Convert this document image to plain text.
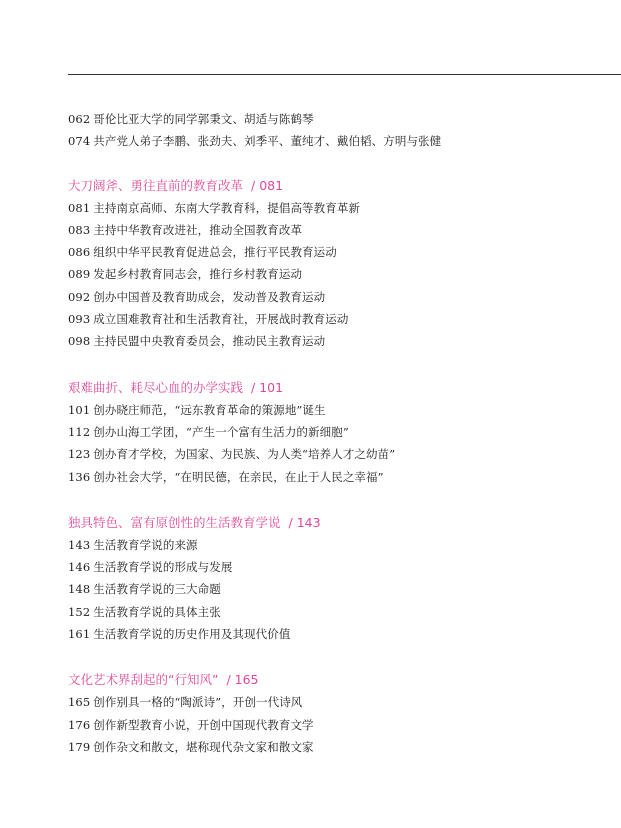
062 哥伦比亚大学的同学郭秉文、胡适与陈鹤琴
074 共产党人弟子李鹏、张劲夫、刘季平、董纯才、戴伯韬、方明与张健
大刀阔斧、勇往直前的教育改革 / 081
081 主持南京高师、东南大学教育科，提倡高等教育革新
083 主持中华教育改进社，推动全国教育改革
086 组织中华平民教育促进总会，推行平民教育运动
089 发起乡村教育同志会，推行乡村教育运动
092 创办中国普及教育助成会，发动普及教育运动
093 成立国难教育社和生活教育社，开展战时教育运动
098 主持民盟中央教育委员会，推动民主教育运动
艰难曲折、耗尽心血的办学实践 / 101
101 创办晓庄师范，“远东教育革命的策源地”诞生
112 创办山海工学团，“产生一个富有生活力的新细胞”
123 创办育才学校，为国家、为民族、为人类“培养人才之幼苗”
136 创办社会大学，“在明民德，在亲民，在止于人民之幸福”
独具特色、富有原创性的生活教育学说 / 143
143 生活教育学说的来源
146 生活教育学说的形成与发展
148 生活教育学说的三大命题
152 生活教育学说的具体主张
161 生活教育学说的历史作用及其现代价值
文化艺术界刮起的“行知风” / 165
165 创作别具一格的“陶派诗”，开创一代诗风
176 创作新型教育小说，开创中国现代教育文学
179 创作杂文和散文，堪称现代杂文家和散文家
